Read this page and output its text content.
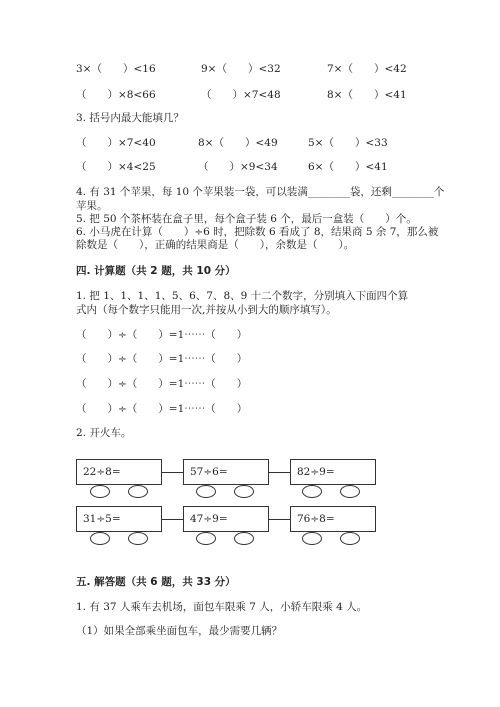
3×（　　）<16	9×（　　）<32	7×（　　）<42
（　　）×8<66	（　　）×7<48	8×（　　）<41
3. 括号内最大能填几？
（　　）×7<40	8×（　　）<49	5×（　　）<33
（　　）×4<25	（　　）×9<34	6×（　　）<41
4. 有 31 个苹果，每 10 个苹果装一袋，可以装满________袋，还剩________个
苹果。
5. 把 50 个茶杯装在盒子里，每个盒子装 6 个，最后一盒装（　　）个。
6. 小马虎在计算（　　）÷6 时，把除数 6 看成了 8，结果商 5 余 7，那么被
除数是（　　），正确的结果商是（　　），余数是（　　）。
四. 计算题（共 2 题，共 10 分）
1. 把 1、1、1、1、5、6、7、8、9 十二个数字，分别填入下面四个算
式内（每个数字只能用一次,并按从小到大的顺序填写）。
（　　）÷（　　）=1⋯⋯（　　）
（　　）÷（　　）=1⋯⋯（　　）
（　　）÷（　　）=1⋯⋯（　　）
（　　）÷（　　）=1⋯⋯（　　）
2. 开火车。
22÷8=	57÷6=	82÷9=
31÷5=	47÷9=	76÷8=
五. 解答题（共 6 题，共 33 分）
1. 有 37 人乘车去机场，面包车限乘 7 人，小轿车限乘 4 人。
（1）如果全部乘坐面包车，最少需要几辆？
